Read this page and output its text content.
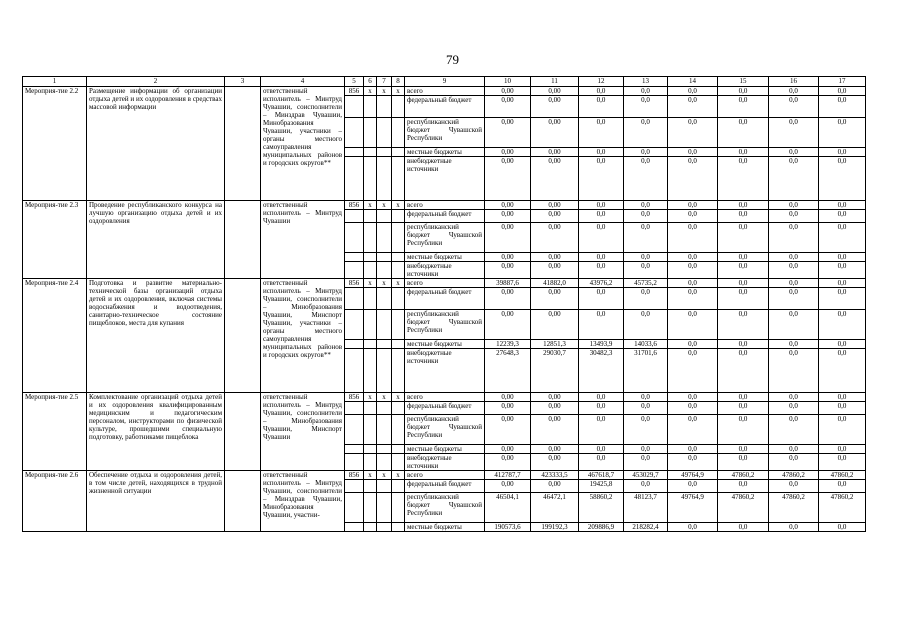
79
1	2	3	4	5	6	7	8	9	10	11	12	13	14	15	16	17
Мероприя-тие 2.2	Размещение информации об организации отдыха детей и их оздоровления в средствах массовой информации		ответственный исполнитель – Минтруд Чувашии, соисполнители – Минздрав Чувашии, Минобразования Чувашии, участники – органы местного самоуправления муниципальных районов и городских округов**	856	x	x	x	всего	0,00	0,00	0,0	0,0	0,0	0,0	0,0	0,0
								федеральный бюджет	0,00	0,00	0,0	0,0	0,0	0,0	0,0	0,0
								республиканский бюджет Чувашской Республики	0,00	0,00	0,0	0,0	0,0	0,0	0,0	0,0
								местные бюджеты	0,00	0,00	0,0	0,0	0,0	0,0	0,0	0,0
								внебюджетные источники	0,00	0,00	0,0	0,0	0,0	0,0	0,0	0,0
Мероприя-тие 2.3	Проведение республиканского конкурса на лучшую организацию отдыха детей и их оздоровления		ответственный исполнитель – Минтруд Чувашии	856	x	x	x	всего	0,00	0,00	0,0	0,0	0,0	0,0	0,0	0,0
								федеральный бюджет	0,00	0,00	0,0	0,0	0,0	0,0	0,0	0,0
								республиканский бюджет Чувашской Республики	0,00	0,00	0,0	0,0	0,0	0,0	0,0	0,0
								местные бюджеты	0,00	0,00	0,0	0,0	0,0	0,0	0,0	0,0
								внебюджетные источники	0,00	0,00	0,0	0,0	0,0	0,0	0,0	0,0
Мероприя-тие 2.4	Подготовка и развитие материально-технической базы организаций отдыха детей и их оздоровления, включая системы водоснабжения и водоотведения, санитарно-техническое состояние пищеблоков, места для купания		ответственный исполнитель – Минтруд Чувашии, соисполнители – Минобразования Чувашии, Минспорт Чувашии, участники – органы местного самоуправления муниципальных районов и городских округов**	856	x	x	x	всего	39887,6	41882,0	43976,2	45735,2	0,0	0,0	0,0	0,0
								федеральный бюджет	0,00	0,00	0,0	0,0	0,0	0,0	0,0	0,0
								республиканский бюджет Чувашской Республики	0,00	0,00	0,0	0,0	0,0	0,0	0,0	0,0
								местные бюджеты	12239,3	12851,3	13493,9	14033,6	0,0	0,0	0,0	0,0
								внебюджетные источники	27648,3	29030,7	30482,3	31701,6	0,0	0,0	0,0	0,0
Мероприя-тие 2.5	Комплектование организаций отдыха детей и их оздоровления квалифицированным медицинским и педагогическим персоналом, инструкторами по физической культуре, прошедшими специальную подготовку, работниками пищеблока		ответственный исполнитель – Минтруд Чувашии, соисполнители – Минобразования Чувашии, Минспорт Чувашии	856	x	x	x	всего	0,00	0,00	0,0	0,0	0,0	0,0	0,0	0,0
								федеральный бюджет	0,00	0,00	0,0	0,0	0,0	0,0	0,0	0,0
								республиканский бюджет Чувашской Республики	0,00	0,00	0,0	0,0	0,0	0,0	0,0	0,0
								местные бюджеты	0,00	0,00	0,0	0,0	0,0	0,0	0,0	0,0
								внебюджетные источники	0,00	0,00	0,0	0,0	0,0	0,0	0,0	0,0
Мероприя-тие 2.6	Обеспечение отдыха и оздоровления детей, в том числе детей, находящихся в трудной жизненной ситуации		ответственный исполнитель – Минтруд Чувашии, соисполнители – Минздрав Чувашии, Минобразования Чувашии, участни-	856	x	x	x	всего	412787,7	423333,5	467618,7	453029,7	49764,9	47860,2	47860,2	47860,2
								федеральный бюджет	0,00	0,00	19425,8	0,0	0,0	0,0	0,0	0,0
								республиканский бюджет Чувашской Республики	46504,1	46472,1	58860,2	48123,7	49764,9	47860,2	47860,2	47860,2
								местные бюджеты	190573,6	199192,3	209886,9	218282,4	0,0	0,0	0,0	0,0
